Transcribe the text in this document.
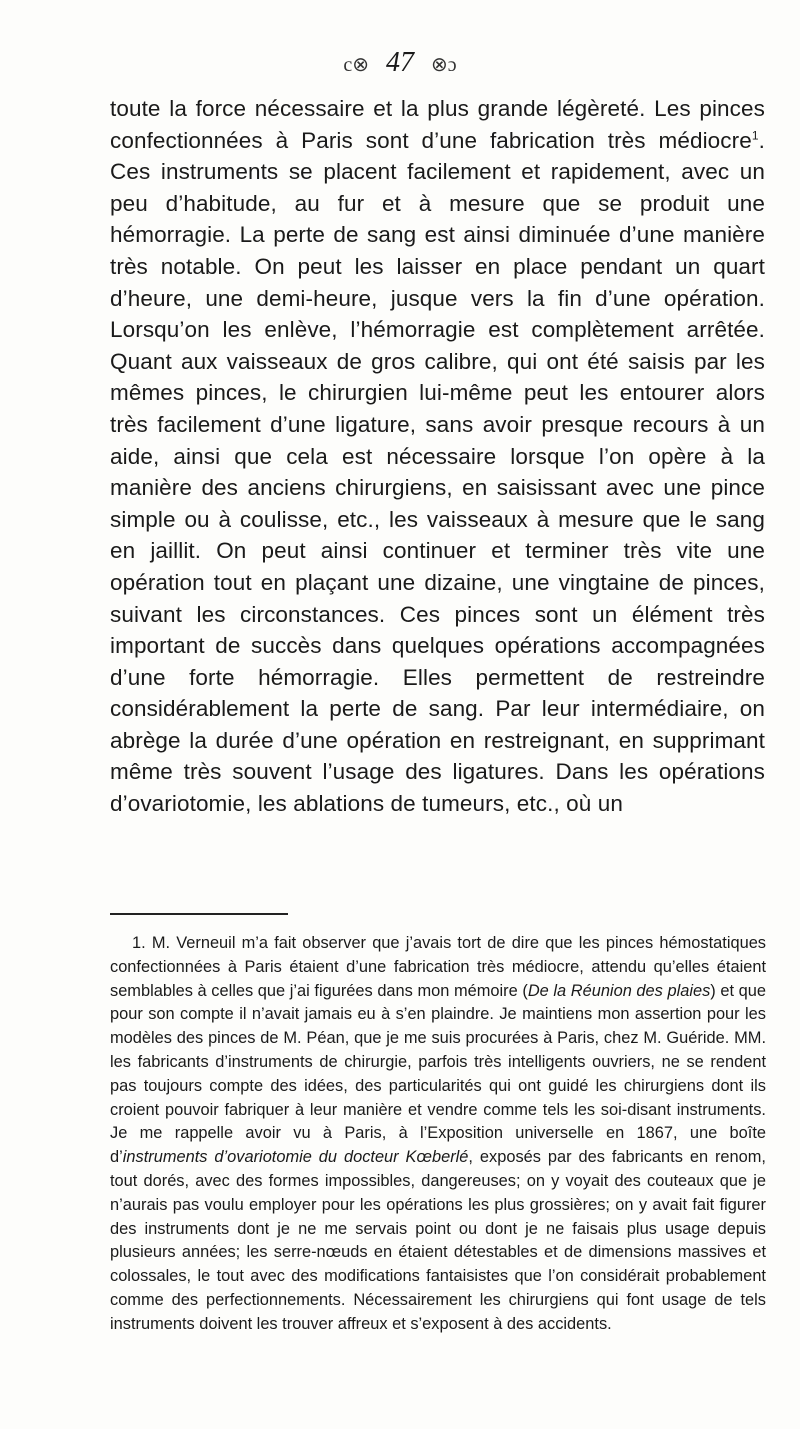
c⊗ 47 ⊗ɔ

toute la force nécessaire et la plus grande légèreté. Les pinces confectionnées à Paris sont d’une fabrication très médiocre$^1$. Ces instruments se placent facilement et rapidement, avec un peu d’habitude, au fur et à mesure que se produit une hémorragie. La perte de sang est ainsi diminuée d’une manière très notable. On peut les laisser en place pendant un quart d’heure, une demi-heure, jusque vers la fin d’une opération. Lorsqu’on les enlève, l’hémorragie est complètement arrêtée. Quant aux vaisseaux de gros calibre, qui ont été saisis par les mêmes pinces, le chirurgien lui-même peut les entourer alors très facilement d’une ligature, sans avoir presque recours à un aide, ainsi que cela est nécessaire lorsque l’on opère à la manière des anciens chirurgiens, en saisissant avec une pince simple ou à coulisse, etc., les vaisseaux à mesure que le sang en jaillit. On peut ainsi continuer et terminer très vite une opération tout en plaçant une dizaine, une vingtaine de pinces, suivant les circonstances. Ces pinces sont un élément très important de succès dans quelques opérations accompagnées d’une forte hémorragie. Elles permettent de restreindre considérablement la perte de sang. Par leur intermédiaire, on abrège la durée d’une opération en restreignant, en supprimant même très souvent l’usage des ligatures. Dans les opérations d’ovariotomie, les ablations de tumeurs, etc., où un

1. M. Verneuil m’a fait observer que j’avais tort de dire que les pinces hémostatiques confectionnées à Paris étaient d’une fabrication très médiocre, attendu qu’elles étaient semblables à celles que j’ai figurées dans mon mémoire (De la Réunion des plaies) et que pour son compte il n’avait jamais eu à s’en plaindre. Je maintiens mon assertion pour les modèles des pinces de M. Péan, que je me suis procurées à Paris, chez M. Guéride. MM. les fabricants d’instruments de chirurgie, parfois très intelligents ouvriers, ne se rendent pas toujours compte des idées, des particularités qui ont guidé les chirurgiens dont ils croient pouvoir fabriquer à leur manière et vendre comme tels les soi-disant instruments. Je me rappelle avoir vu à Paris, à l’Exposition universelle en 1867, une boîte d’instruments d’ovariotomie du docteur Kœberlé, exposés par des fabricants en renom, tout dorés, avec des formes impossibles, dangereuses; on y voyait des couteaux que je n’aurais pas voulu employer pour les opérations les plus grossières; on y avait fait figurer des instruments dont je ne me servais point ou dont je ne faisais plus usage depuis plusieurs années; les serre-nœuds en étaient détestables et de dimensions massives et colossales, le tout avec des modifications fantaisistes que l’on considérait probablement comme des perfectionnements. Nécessairement les chirurgiens qui font usage de tels instruments doivent les trouver affreux et s’exposent à des accidents.
